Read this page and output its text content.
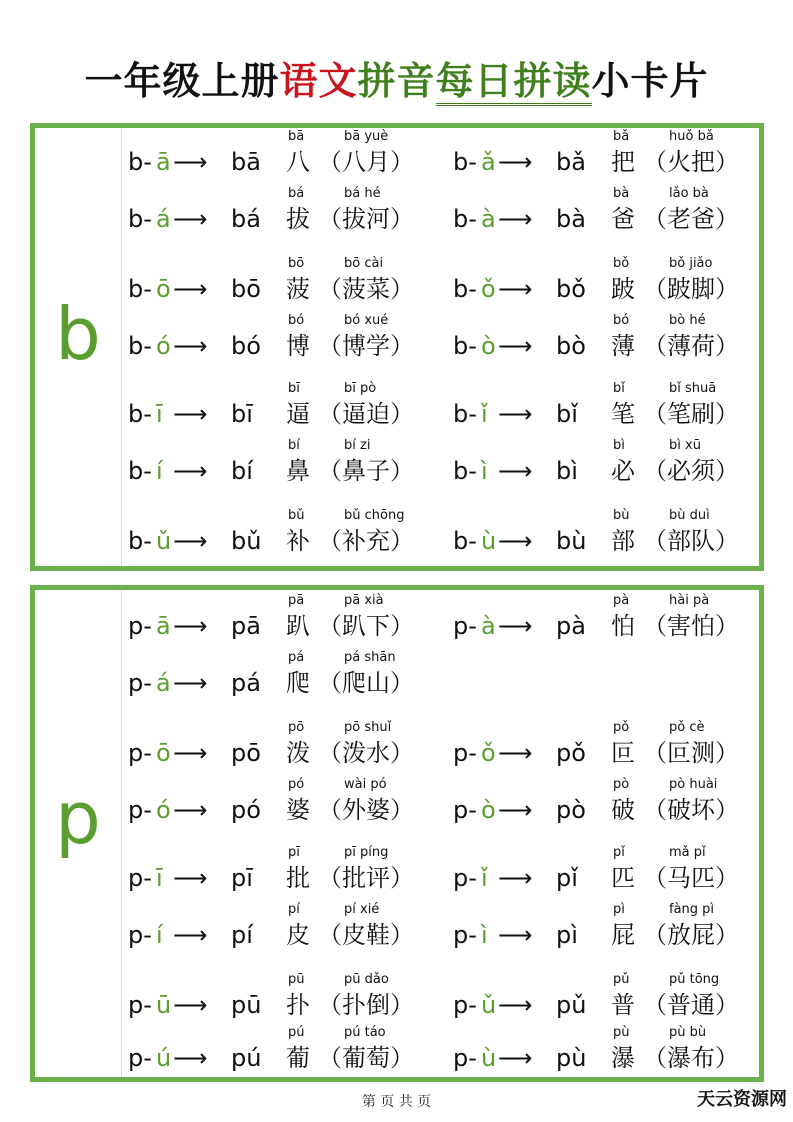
一年级上册语文拼音每日拼读小卡片
b
b- ā ⟶ bā 八 （八月）
bā	bā yuè
b- ǎ ⟶ bǎ 把 （火把）
bǎ	huǒ bǎ
b- á ⟶ bá 拔 （拔河）
bá	bá hé
b- à ⟶ bà 爸 （老爸）
bà	lǎo bà
b- ō ⟶ bō 菠 （菠菜）
bō	bō cài
b- ǒ ⟶ bǒ 跛 （跛脚）
bǒ	bǒ jiǎo
b- ó ⟶ bó 博 （博学）
bó	bó xué
b- ò ⟶ bò 薄 （薄荷）
bó	bò hé
b- ī ⟶ bī 逼 （逼迫）
bī	bī pò
b- ǐ ⟶ bǐ 笔 （笔刷）
bǐ	bǐ shuā
b- í ⟶ bí 鼻 （鼻子）
bí	bí zi
b- ì ⟶ bì 必 （必须）
bì	bì xū
b- ǔ ⟶ bǔ 补 （补充）
bǔ	bǔ chōng
b- ù ⟶ bù 部 （部队）
bù	bù duì
p
p- ā ⟶ pā 趴 （趴下）
pā	pā xià
p- à ⟶ pà 怕 （害怕）
pà	hài pà
p- á ⟶ pá 爬 （爬山）
pá	pá shān
p- ō ⟶ pō 泼 （泼水）
pō	pō shuǐ
p- ǒ ⟶ pǒ 叵 （叵测）
pǒ	pǒ cè
p- ó ⟶ pó 婆 （外婆）
pó	wài pó
p- ò ⟶ pò 破 （破坏）
pò	pò huài
p- ī ⟶ pī 批 （批评）
pī	pī píng
p- ǐ ⟶ pǐ 匹 （马匹）
pǐ	mǎ pǐ
p- í ⟶ pí 皮 （皮鞋）
pí	pí xié
p- ì ⟶ pì 屁 （放屁）
pì	fàng pì
p- ū ⟶ pū 扑 （扑倒）
pū	pū dǎo
p- ǔ ⟶ pǔ 普 （普通）
pǔ	pǔ tōng
p- ú ⟶ pú 葡 （葡萄）
pú	pú táo
p- ù ⟶ pù 瀑 （瀑布）
pù	pù bù
第 页 共 页	天云资源网
